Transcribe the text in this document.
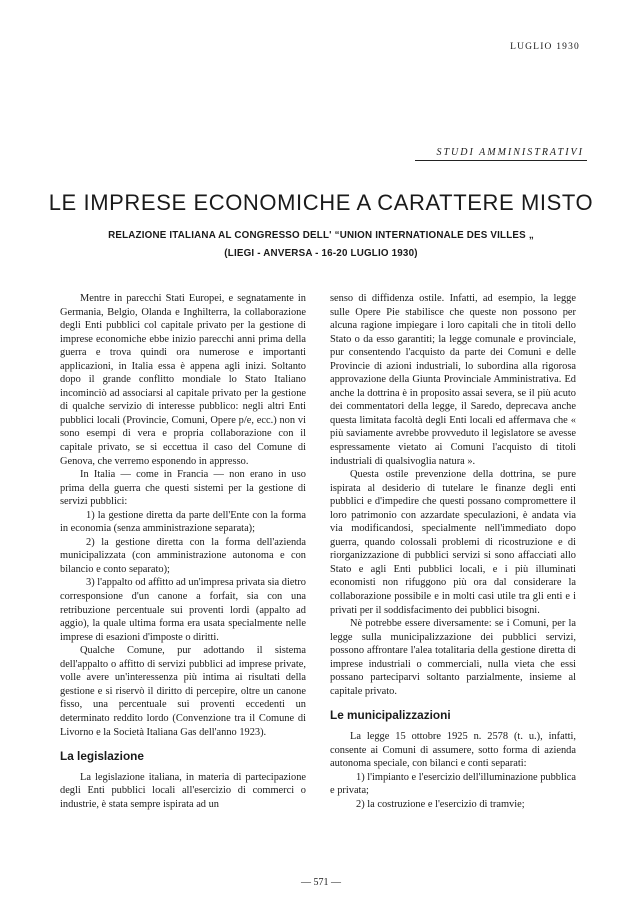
LUGLIO 1930
STUDI AMMINISTRATIVI
LE IMPRESE ECONOMICHE A CARATTERE MISTO
RELAZIONE ITALIANA AL CONGRESSO DELL' “UNION INTERNATIONALE DES VILLES „
(LIEGI - ANVERSA - 16-20 LUGLIO 1930)

Mentre in parecchi Stati Europei, e segnatamente in Germania, Belgio, Olanda e Inghilterra, la collaborazione degli Enti pubblici col capitale privato per la gestione di imprese economiche ebbe inizio parecchi anni prima della guerra e trova quindi ora numerose e importanti applicazioni, in Italia essa è appena agli inizi. Soltanto dopo il grande conflitto mondiale lo Stato Italiano incominciò ad associarsi al capitale privato per la gestione di qualche servizio di interesse pubblico: negli altri Enti pubblici locali (Provincie, Comuni, Opere p/e, ecc.) non vi sono esempi di vera e propria collaborazione con il capitale privato, se si eccettua il caso del Comune di Genova, che verremo esponendo in appresso.

In Italia — come in Francia — non erano in uso prima della guerra che questi sistemi per la gestione di servizi pubblici:

1) la gestione diretta da parte dell'Ente con la forma in economia (senza amministrazione separata);

2) la gestione diretta con la forma dell'azienda municipalizzata (con amministrazione autonoma e con bilancio e conto separato);

3) l'appalto od affitto ad un'impresa privata sia dietro corresponsione d'un canone a forfait, sia con una retribuzione percentuale sui proventi lordi (appalto ad aggio), la quale ultima forma era usata specialmente nelle imprese di esazioni d'imposte o diritti.

Qualche Comune, pur adottando il sistema dell'appalto o affitto di servizi pubblici ad imprese private, volle avere un'interessenza più intima ai risultati della gestione e si riservò il diritto di percepire, oltre un canone fisso, una percentuale sui proventi eccedenti un determinato reddito lordo (Convenzione tra il Comune di Livorno e la Società Italiana Gas dell'anno 1923).

La legislazione

La legislazione italiana, in materia di partecipazione degli Enti pubblici locali all'esercizio di commerci o industrie, è stata sempre ispirata ad un

senso di diffidenza ostile. Infatti, ad esempio, la legge sulle Opere Pie stabilisce che queste non possono per alcuna ragione impiegare i loro capitali che in titoli dello Stato o da esso garantiti; la legge comunale e provinciale, pur consentendo l'acquisto da parte dei Comuni e delle Provincie di azioni industriali, lo subordina alla rigorosa approvazione della Giunta Provinciale Amministrativa. Ed anche la dottrina è in proposito assai severa, se il più acuto dei commentatori della legge, il Saredo, deprecava anche questa limitata facoltà degli Enti locali ed affermava che « più saviamente avrebbe provveduto il legislatore se avesse espressamente vietato ai Comuni l'acquisto di titoli industriali di qualsivoglia natura ».

Questa ostile prevenzione della dottrina, se pure ispirata al desiderio di tutelare le finanze degli enti pubblici e d'impedire che questi possano compromettere il loro patrimonio con azzardate speculazioni, è andata via via modificandosi, specialmente nell'immediato dopo guerra, quando colossali problemi di ricostruzione e di riorganizzazione di pubblici servizi si sono affacciati allo Stato e agli Enti pubblici locali, e i più illuminati economisti non rifuggono più ora dal considerare la collaborazione possibile e in molti casi utile tra gli enti e i privati per il soddisfacimento dei pubblici bisogni.

Nè potrebbe essere diversamente: se i Comuni, per la legge sulla municipalizzazione dei pubblici servizi, possono affrontare l'alea totalitaria della gestione diretta di imprese industriali o commerciali, nulla vieta che essi possano parteciparvi soltanto parzialmente, insieme al capitale privato.

Le municipalizzazioni

La legge 15 ottobre 1925 n. 2578 (t. u.), infatti, consente ai Comuni di assumere, sotto forma di azienda autonoma speciale, con bilanci e conti separati:

1) l'impianto e l'esercizio dell'illuminazione pubblica e privata;

2) la costruzione e l'esercizio di tramvie;

— 571 —
